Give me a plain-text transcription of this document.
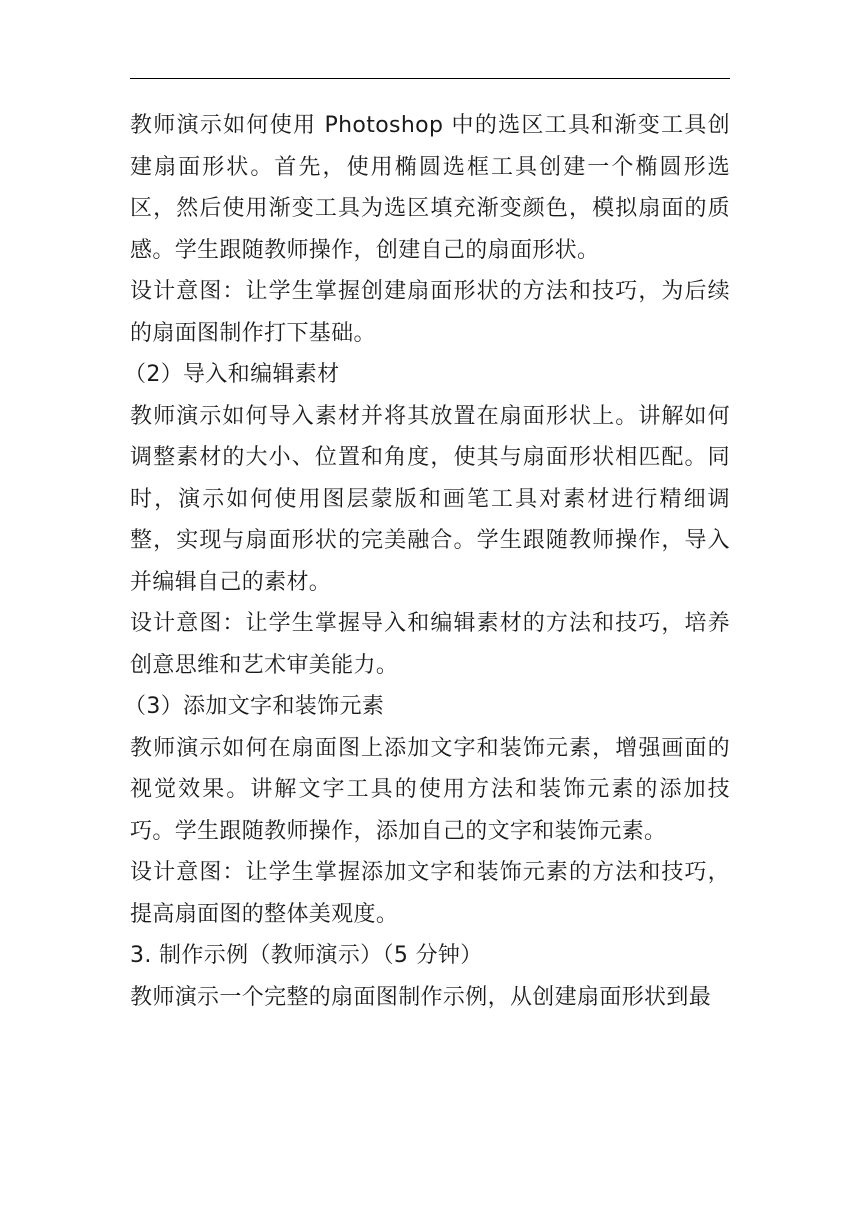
教师演示如何使用 Photoshop 中的选区工具和渐变工具创建扇面形状。首先，使用椭圆选框工具创建一个椭圆形选区，然后使用渐变工具为选区填充渐变颜色，模拟扇面的质感。学生跟随教师操作，创建自己的扇面形状。

设计意图：让学生掌握创建扇面形状的方法和技巧，为后续的扇面图制作打下基础。

（2）导入和编辑素材

教师演示如何导入素材并将其放置在扇面形状上。讲解如何调整素材的大小、位置和角度，使其与扇面形状相匹配。同时，演示如何使用图层蒙版和画笔工具对素材进行精细调整，实现与扇面形状的完美融合。学生跟随教师操作，导入并编辑自己的素材。

设计意图：让学生掌握导入和编辑素材的方法和技巧，培养创意思维和艺术审美能力。

（3）添加文字和装饰元素

教师演示如何在扇面图上添加文字和装饰元素，增强画面的视觉效果。讲解文字工具的使用方法和装饰元素的添加技巧。学生跟随教师操作，添加自己的文字和装饰元素。

设计意图：让学生掌握添加文字和装饰元素的方法和技巧，提高扇面图的整体美观度。

3. 制作示例（教师演示）（5 分钟）

教师演示一个完整的扇面图制作示例，从创建扇面形状到最
